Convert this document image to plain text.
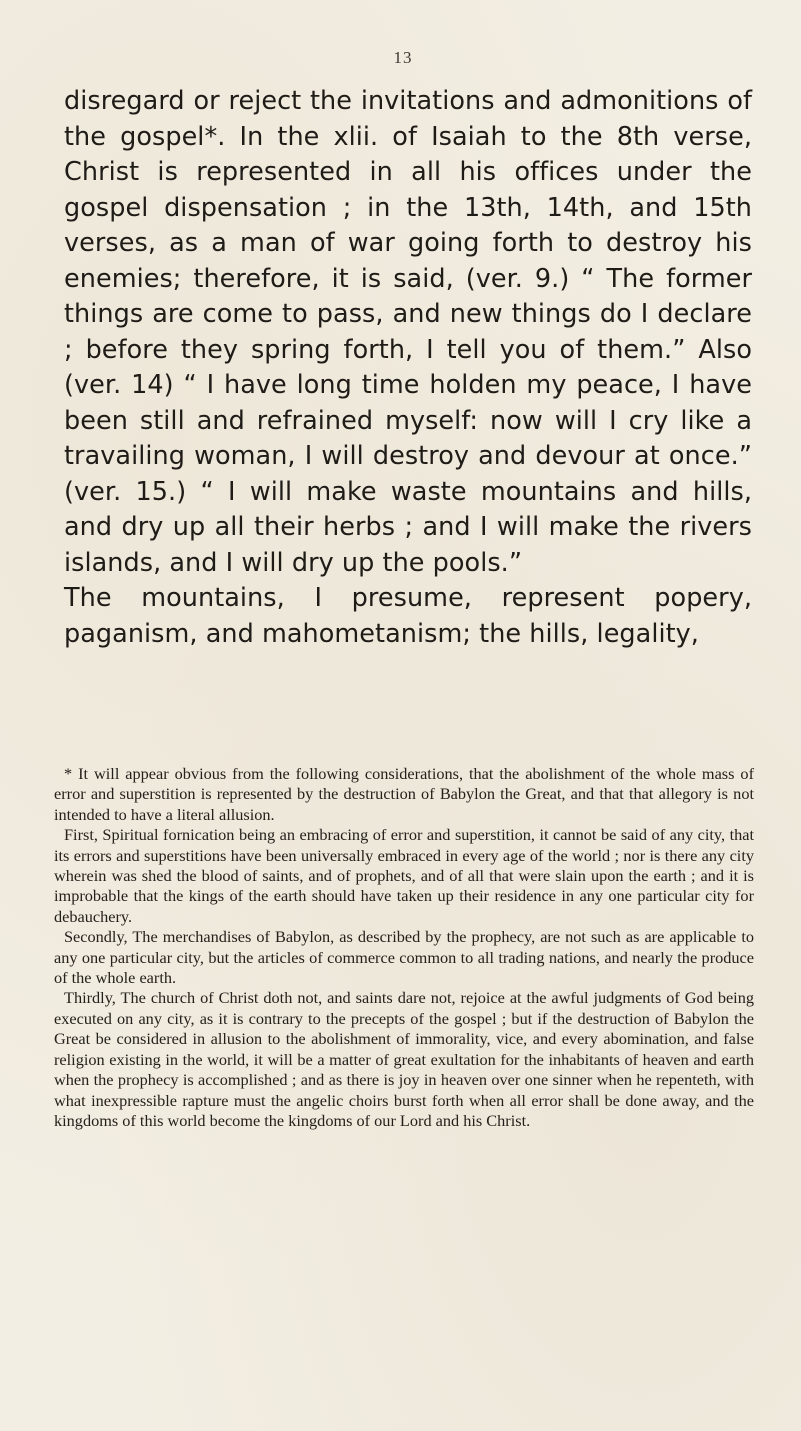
13

disregard or reject the invitations and admonitions of the gospel*. In the xlii. of Isaiah to the 8th verse, Christ is represented in all his offices under the gospel dispensation ; in the 13th, 14th, and 15th verses, as a man of war going forth to destroy his enemies; therefore, it is said, (ver. 9.) “ The former things are come to pass, and new things do I declare ; before they spring forth, I tell you of them.” Also (ver. 14) “ I have long time holden my peace, I have been still and refrained myself: now will I cry like a travailing woman, I will destroy and devour at once.” (ver. 15.) “ I will make waste mountains and hills, and dry up all their herbs ; and I will make the rivers islands, and I will dry up the pools.”

The mountains, I presume, represent popery, paganism, and mahometanism; the hills, legality,

* It will appear obvious from the following considerations, that the abolishment of the whole mass of error and superstition is represented by the destruction of Babylon the Great, and that that allegory is not intended to have a literal allusion.

First, Spiritual fornication being an embracing of error and superstition, it cannot be said of any city, that its errors and superstitions have been universally embraced in every age of the world ; nor is there any city wherein was shed the blood of saints, and of prophets, and of all that were slain upon the earth ; and it is improbable that the kings of the earth should have taken up their residence in any one particular city for debauchery.

Secondly, The merchandises of Babylon, as described by the prophecy, are not such as are applicable to any one particular city, but the articles of commerce common to all trading nations, and nearly the produce of the whole earth.

Thirdly, The church of Christ doth not, and saints dare not, rejoice at the awful judgments of God being executed on any city, as it is contrary to the precepts of the gospel ; but if the destruction of Babylon the Great be considered in allusion to the abolishment of immorality, vice, and every abomination, and false religion existing in the world, it will be a matter of great exultation for the inhabitants of heaven and earth when the prophecy is accomplished ; and as there is joy in heaven over one sinner when he repenteth, with what inexpressible rapture must the angelic choirs burst forth when all error shall be done away, and the kingdoms of this world become the kingdoms of our Lord and his Christ.
